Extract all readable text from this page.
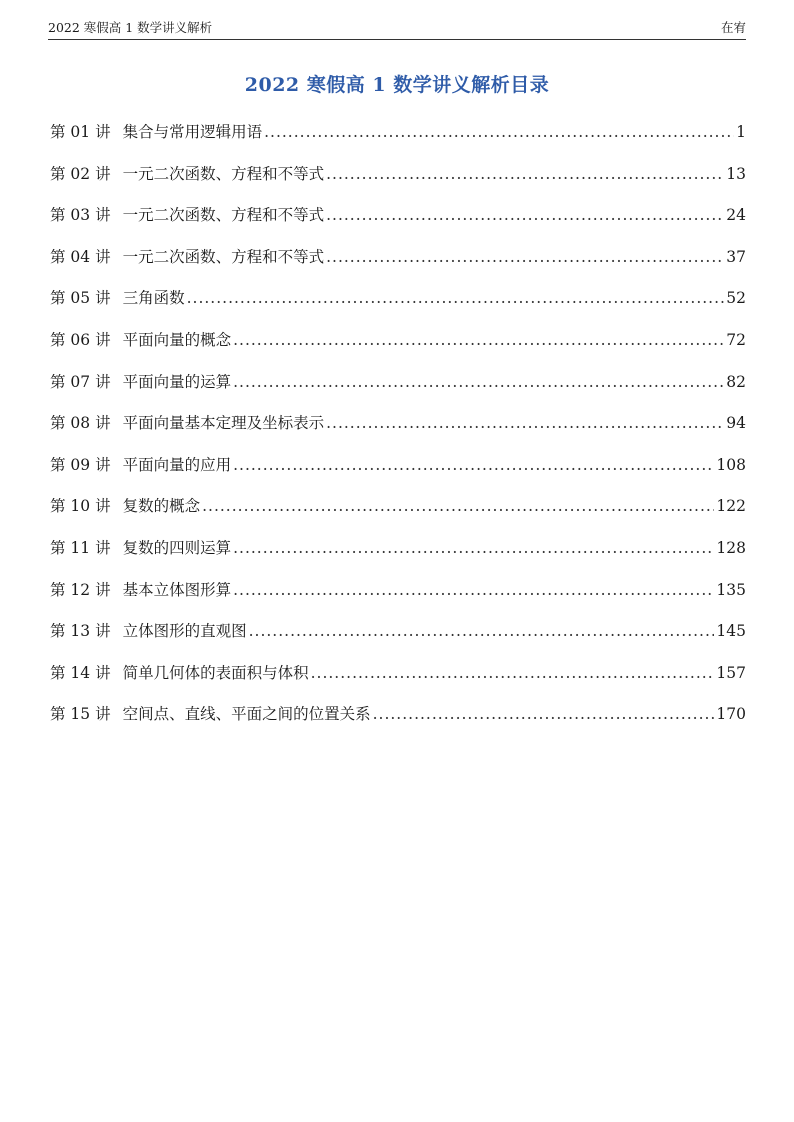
2022 寒假高 1 数学讲义解析	在宥
2022 寒假高 1 数学讲义解析目录
第 01 讲 集合与常用逻辑用语 .....	1
第 02 讲 一元二次函数、方程和不等式 .....	13
第 03 讲 一元二次函数、方程和不等式 .....	24
第 04 讲 一元二次函数、方程和不等式 .....	37
第 05 讲 三角函数 .....	52
第 06 讲 平面向量的概念 .....	72
第 07 讲 平面向量的运算 .....	82
第 08 讲 平面向量基本定理及坐标表示 .....	94
第 09 讲 平面向量的应用 .....	108
第 10 讲 复数的概念 .....	122
第 11 讲 复数的四则运算 .....	128
第 12 讲 基本立体图形算 .....	135
第 13 讲 立体图形的直观图 .....	145
第 14 讲 简单几何体的表面积与体积 .....	157
第 15 讲 空间点、直线、平面之间的位置关系 .....	170
